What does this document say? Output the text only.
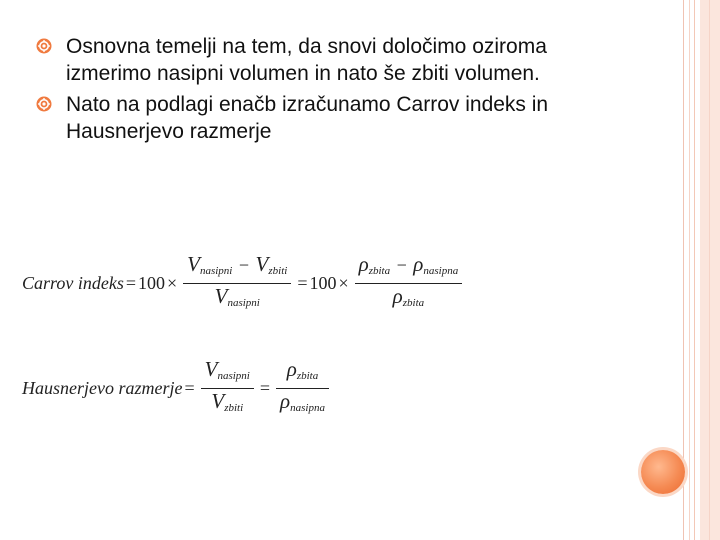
Osnovna temelji na tem, da snovi določimo oziroma izmerimo nasipni volumen in nato še zbiti volumen.
Nato na podlagi enačb izračunamo Carrov indeks in Hausnerjevo razmerje
Carrov indeks = $100 \times \frac{V_{nasipni} - V_{zbiti}}{V_{nasipni}} = 100 \times \frac{\rho_{zbita} - \rho_{nasipna}}{\rho_{zbita}}$
Hausnerjevo razmerje = $\frac{V_{nasipni}}{V_{zbiti}} = \frac{\rho_{zbita}}{\rho_{nasipna}}$
